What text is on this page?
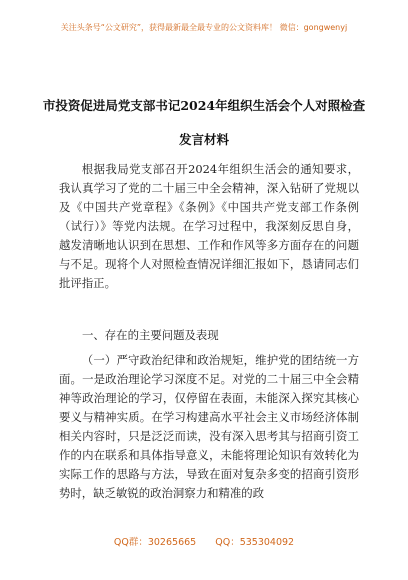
关注头条号“公文研究”，获得最新最全最专业的公文资料库！ 微信：gongwenyj
市投资促进局党支部书记2024年组织生活会个人对照检查
发言材料

根据我局党支部召开2024年组织生活会的通知要求，我认真学习了党的二十届三中全会精神，深入钻研了党规以及《中国共产党章程》《条例》《中国共产党支部工作条例（试行）》等党内法规。在学习过程中，我深刻反思自身，越发清晰地认识到在思想、工作和作风等多方面存在的问题与不足。现将个人对照检查情况详细汇报如下，恳请同志们批评指正。

一、存在的主要问题及表现

（一）严守政治纪律和政治规矩，维护党的团结统一方面。一是政治理论学习深度不足。对党的二十届三中全会精神等政治理论的学习，仅停留在表面，未能深入探究其核心要义与精神实质。在学习构建高水平社会主义市场经济体制相关内容时，只是泛泛而读，没有深入思考其与招商引资工作的内在联系和具体指导意义，未能将理论知识有效转化为实际工作的思路与方法，导致在面对复杂多变的招商引资形势时，缺乏敏锐的政治洞察力和精准的政

QQ群：30265665 QQ：535304092
